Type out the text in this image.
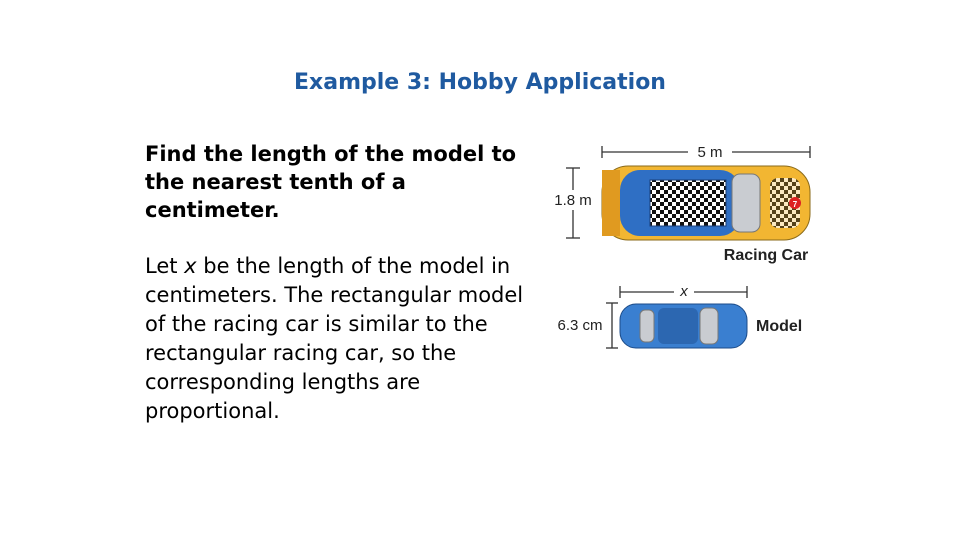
Example 3: Hobby Application
Find the length of the model to the nearest tenth of a centimeter.
Let x be the length of the model in centimeters. The rectangular model of the racing car is similar to the rectangular racing car, so the corresponding lengths are proportional.
5 m
1.8 m	7
Racing Car
x
6.3 cm	Model
